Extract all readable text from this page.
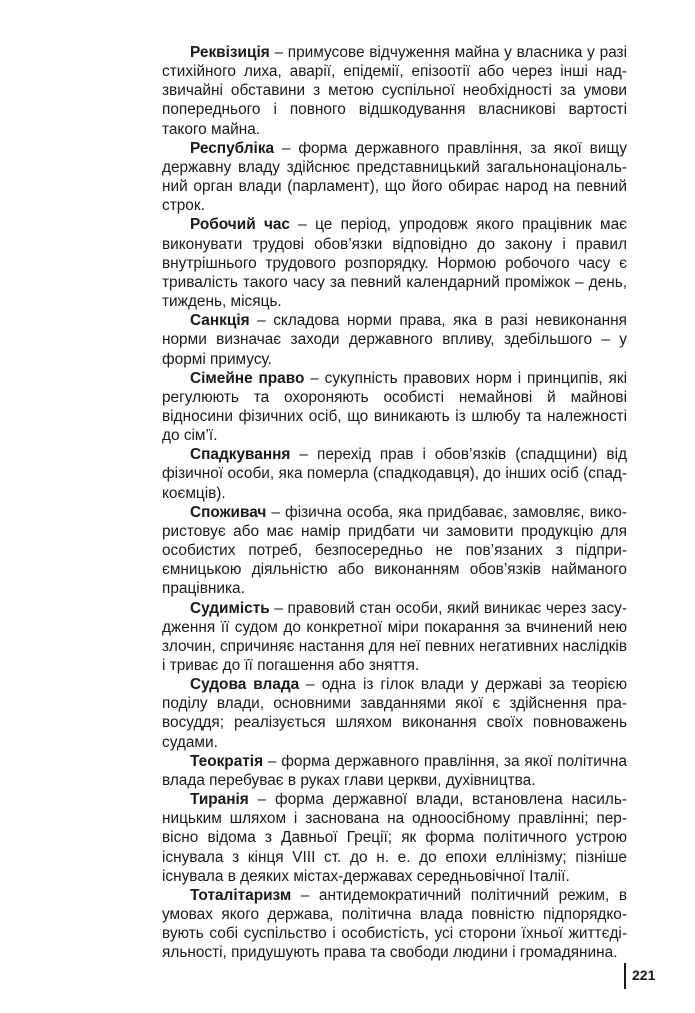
Реквізиція – примусове відчуження майна у власника у разі стихійного лиха, аварії, епідемії, епізоотії або через інші надзвичайні обставини з метою суспільної необхідності за умови попереднього і повного відшкодування власникові вартості такого майна.

Республіка – форма державного правління, за якої вищу державну владу здійснює представницький загальнонаціональний орган влади (парламент), що його обирає народ на певний строк.

Робочий час – це період, упродовж якого працівник має виконувати трудові обов’язки відповідно до закону і правил внутрішнього трудового розпорядку. Нормою робочого часу є тривалість такого часу за певний календарний проміжок – день, тиждень, місяць.

Санкція – складова норми права, яка в разі невиконання норми визначає заходи державного впливу, здебільшого – у формі примусу.

Сімейне право – сукупність правових норм і принципів, які регулюють та охороняють особисті немайнові й майнові відносини фізичних осіб, що виникають із шлюбу та належності до сім’ї.

Спадкування – перехід прав і обов’язків (спадщини) від фізичної особи, яка померла (спадкодавця), до інших осіб (спадкоємців).

Споживач – фізична особа, яка придбаває, замовляє, використовує або має намір придбати чи замовити продукцію для особистих потреб, безпосередньо не пов’язаних з підприємницькою діяльністю або виконанням обов’язків найманого працівника.

Судимість – правовий стан особи, який виникає через засудження її судом до конкретної міри покарання за вчинений нею злочин, спричиняє настання для неї певних негативних наслідків і триває до її погашення або зняття.

Судова влада – одна із гілок влади у державі за теорією поділу влади, основними завданнями якої є здійснення правосуддя; реалізується шляхом виконання своїх повноважень судами.

Теократія – форма державного правління, за якої політична влада перебуває в руках глави церкви, духівництва.

Тиранія – форма державної влади, встановлена насильницьким шляхом і заснована на одноосібному правлінні; первісно відома з Давньої Греції; як форма політичного устрою існувала з кінця VIII ст. до н. е. до епохи еллінізму; пізніше існувала в деяких містах-державах середньовічної Італії.

Тоталітаризм – антидемократичний політичний режим, в умовах якого держава, політична влада повністю підпорядковують собі суспільство і особистість, усі сторони їхньої життєдіяльності, придушують права та свободи людини і громадянина.

221
